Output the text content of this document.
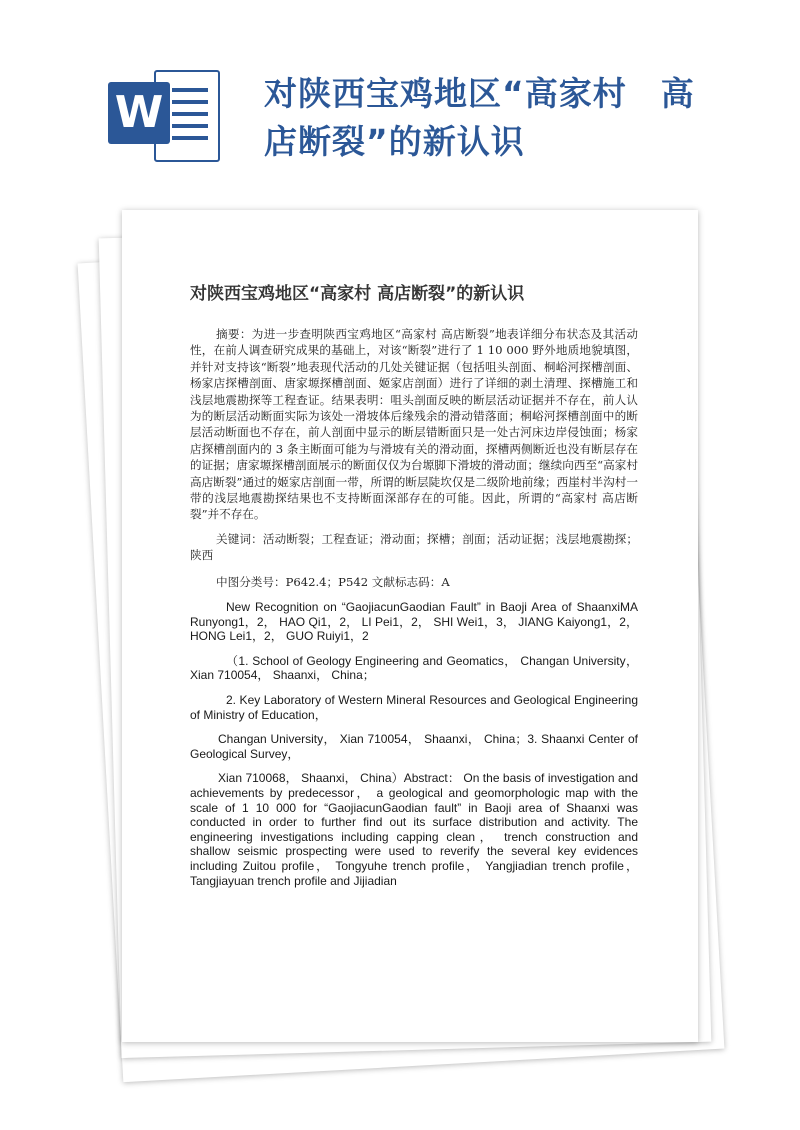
W	对陕西宝鸡地区“高家村　高店断裂”的新认识

对陕西宝鸡地区“高家村 高店断裂”的新认识

摘要：为进一步查明陕西宝鸡地区“高家村 高店断裂”地表详细分布状态及其活动性，在前人调查研究成果的基础上，对该“断裂”进行了 1 10 000 野外地质地貌填图，并针对支持该“断裂”地表现代活动的几处关键证据（包括咀头剖面、桐峪河探槽剖面、杨家店探槽剖面、唐家塬探槽剖面、姬家店剖面）进行了详细的剥土清理、探槽施工和浅层地震勘探等工程查证。结果表明：咀头剖面反映的断层活动证据并不存在，前人认为的断层活动断面实际为该处一滑坡体后缘残余的滑动错落面；桐峪河探槽剖面中的断层活动断面也不存在，前人剖面中显示的断层错断面只是一处古河床边岸侵蚀面；杨家店探槽剖面内的 3 条主断面可能为与滑坡有关的滑动面，探槽两侧断近也没有断层存在的证据；唐家塬探槽剖面展示的断面仅仅为台塬脚下滑坡的滑动面；继续向西至“高家村高店断裂”通过的姬家店剖面一带，所谓的断层陡坎仅是二级阶地前缘；西崖村半沟村一带的浅层地震勘探结果也不支持断面深部存在的可能。因此，所谓的“高家村 高店断裂”并不存在。

关键词：活动断裂；工程查证；滑动面；探槽；剖面；活动证据；浅层地震勘探；陕西

中图分类号：P642.4；P542 文献标志码：A

New Recognition on “GaojiacunGaodian Fault” in Baoji Area of ShaanxiMA Runyong1，2， HAO Qi1，2， LI Pei1，2， SHI Wei1，3， JIANG Kaiyong1，2， HONG Lei1，2， GUO Ruiyi1，2

（1. School of Geology Engineering and Geomatics， Changan University， Xian 710054， Shaanxi， China；

2. Key Laboratory of Western Mineral Resources and Geological Engineering of Ministry of Education，

Changan University， Xian 710054， Shaanxi， China；3. Shaanxi Center of Geological Survey，

Xian 710068， Shaanxi， China）Abstract： On the basis of investigation and achievements by predecessor， a geological and geomorphologic map with the scale of 1 10 000 for “GaojiacunGaodian fault” in Baoji area of Shaanxi was conducted in order to further find out its surface distribution and activity. The engineering investigations including capping clean， trench construction and shallow seismic prospecting were used to reverify the several key evidences including Zuitou profile， Tongyuhe trench profile， Yangjiadian trench profile， Tangjiayuan trench profile and Jijiadian
